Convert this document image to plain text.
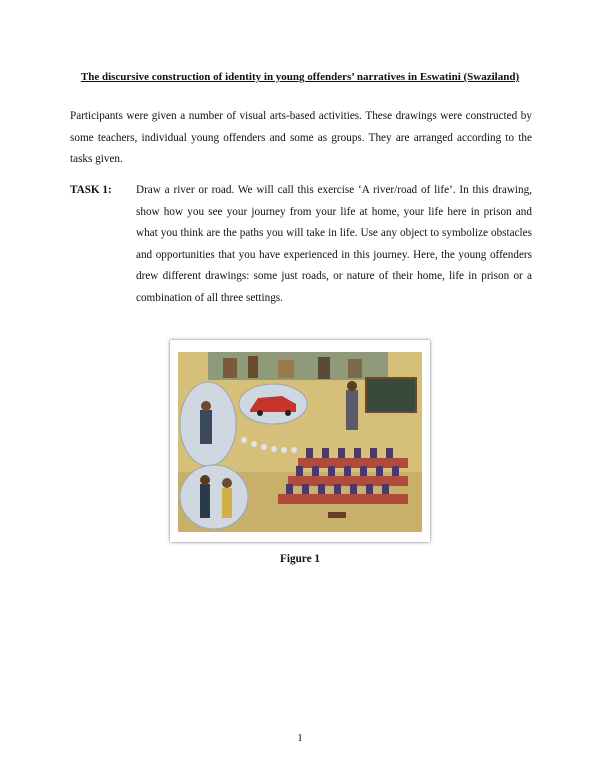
The discursive construction of identity in young offenders’ narratives in Eswatini (Swaziland)
Participants were given a number of visual arts-based activities. These drawings were constructed by some teachers, individual young offenders and some as groups. They are arranged according to the tasks given.
TASK 1: Draw a river or road. We will call this exercise ‘A river/road of life’. In this drawing, show how you see your journey from your life at home, your life here in prison and what you think are the paths you will take in life. Use any object to symbolize obstacles and opportunities that you have experienced in this journey. Here, the young offenders drew different drawings: some just roads, or nature of their home, life in prison or a combination of all three settings.
Figure 1
1
